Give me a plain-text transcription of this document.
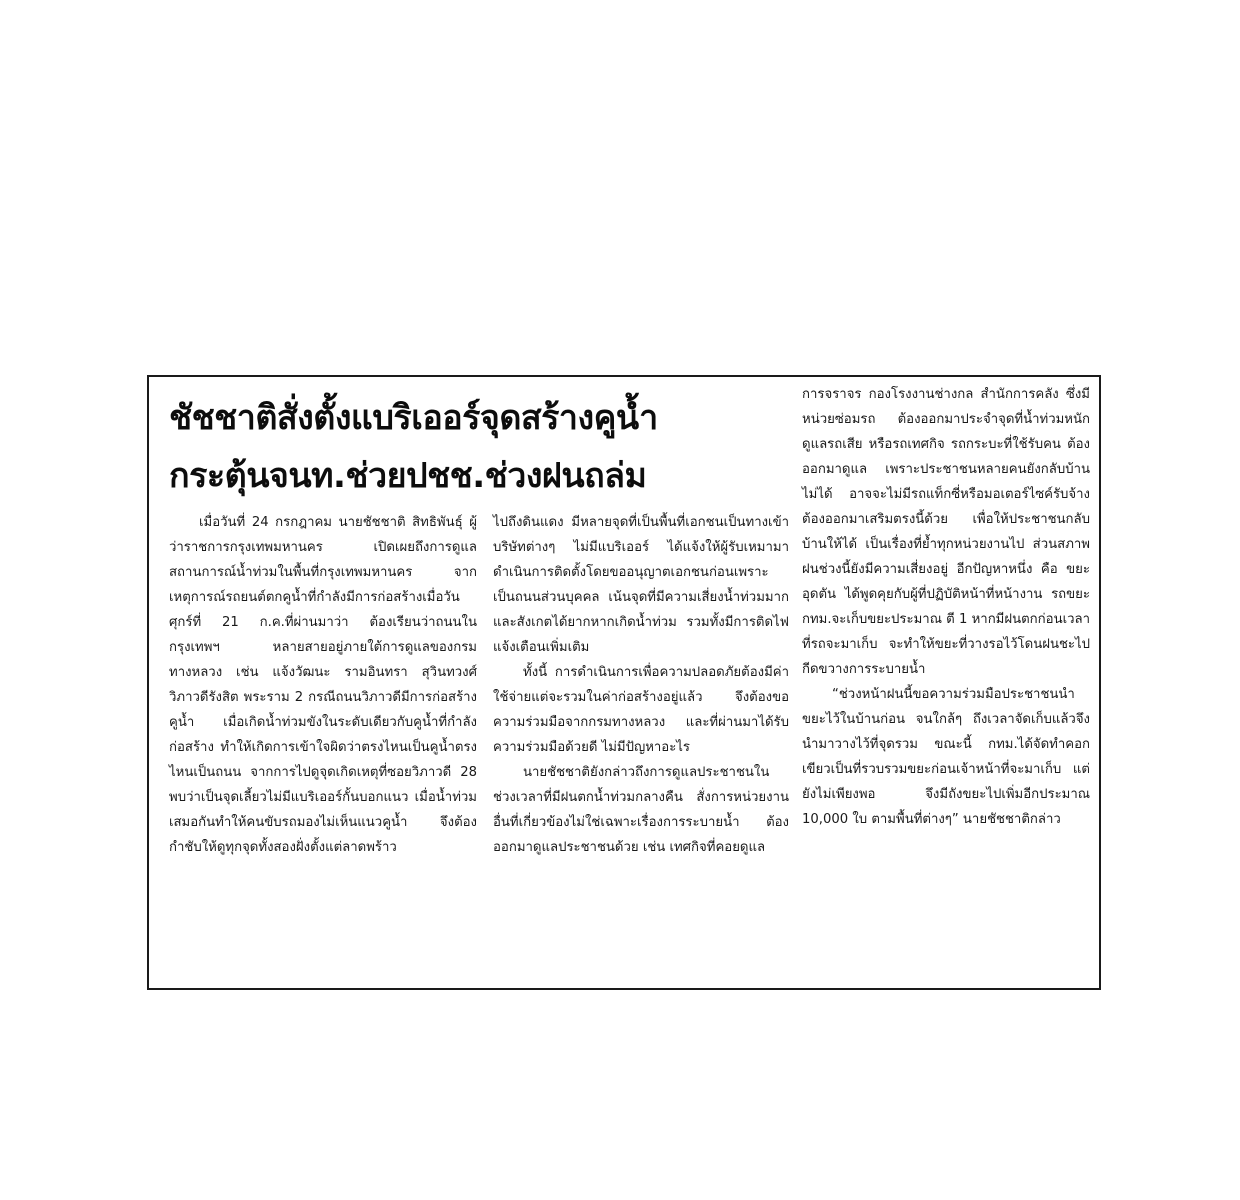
ชัชชาติสั่งตั้งแบริเออร์จุดสร้างคูน้ำ
กระตุ้นจนท.ช่วยปชช.ช่วงฝนถล่ม

เมื่อวันที่ 24 กรกฎาคม นายชัชชาติ สิทธิพันธุ์ ผู้ว่าราชการกรุงเทพมหานคร เปิดเผยถึงการดูแลสถานการณ์น้ำท่วมในพื้นที่กรุงเทพมหานคร จากเหตุการณ์รถยนต์ตกคูน้ำที่กำลังมีการก่อสร้างเมื่อวันศุกร์ที่ 21 ก.ค.ที่ผ่านมาว่า ต้องเรียนว่าถนนในกรุงเทพฯ หลายสายอยู่ภายใต้การดูแลของกรมทางหลวง เช่น แจ้งวัฒนะ รามอินทรา สุวินทวงศ์ วิภาวดีรังสิต พระราม 2 กรณีถนนวิภาวดีมีการก่อสร้างคูน้ำ เมื่อเกิดน้ำท่วมขังในระดับเดียวกับคูน้ำที่กำลังก่อสร้าง ทำให้เกิดการเข้าใจผิดว่าตรงไหนเป็นคูน้ำตรงไหนเป็นถนน จากการไปดูจุดเกิดเหตุที่ซอยวิภาวดี 28 พบว่าเป็นจุดเลี้ยวไม่มีแบริเออร์กั้นบอกแนว เมื่อน้ำท่วมเสมอกันทำให้คนขับรถมองไม่เห็นแนวคูน้ำ จึงต้องกำชับให้ดูทุกจุดทั้งสองฝั่งตั้งแต่ลาดพร้าว

ไปถึงดินแดง มีหลายจุดที่เป็นพื้นที่เอกชนเป็นทางเข้าบริษัทต่างๆ ไม่มีแบริเออร์ ได้แจ้งให้ผู้รับเหมามาดำเนินการติดตั้งโดยขออนุญาตเอกชนก่อนเพราะเป็นถนนส่วนบุคคล เน้นจุดที่มีความเสี่ยงน้ำท่วมมากและสังเกตได้ยากหากเกิดน้ำท่วม รวมทั้งมีการติดไฟแจ้งเตือนเพิ่มเติม

ทั้งนี้ การดำเนินการเพื่อความปลอดภัยต้องมีค่าใช้จ่ายแต่จะรวมในค่าก่อสร้างอยู่แล้ว จึงต้องขอความร่วมมือจากกรมทางหลวง และที่ผ่านมาได้รับความร่วมมือด้วยดี ไม่มีปัญหาอะไร

นายชัชชาติยังกล่าวถึงการดูแลประชาชนในช่วงเวลาที่มีฝนตกน้ำท่วมกลางคืน สั่งการหน่วยงานอื่นที่เกี่ยวข้องไม่ใช่เฉพาะเรื่องการระบายน้ำ ต้องออกมาดูแลประชาชนด้วย เช่น เทศกิจที่คอยดูแล

การจราจร กองโรงงานช่างกล สำนักการคลัง ซึ่งมีหน่วยซ่อมรถ ต้องออกมาประจำจุดที่น้ำท่วมหนัก ดูแลรถเสีย หรือรถเทศกิจ รถกระบะที่ใช้รับคน ต้องออกมาดูแล เพราะประชาชนหลายคนยังกลับบ้านไม่ได้ อาจจะไม่มีรถแท็กซี่หรือมอเตอร์ไซค์รับจ้าง ต้องออกมาเสริมตรงนี้ด้วย เพื่อให้ประชาชนกลับบ้านให้ได้ เป็นเรื่องที่ย้ำทุกหน่วยงานไป ส่วนสภาพฝนช่วงนี้ยังมีความเสี่ยงอยู่ อีกปัญหาหนึ่ง คือ ขยะอุดตัน ได้พูดคุยกับผู้ที่ปฏิบัติหน้าที่หน้างาน รถขยะ กทม.จะเก็บขยะประมาณ ตี 1 หากมีฝนตกก่อนเวลาที่รถจะมาเก็บ จะทำให้ขยะที่วางรอไว้โดนฝนชะไปกีดขวางการระบายน้ำ

“ช่วงหน้าฝนนี้ขอความร่วมมือประชาชนนำขยะไว้ในบ้านก่อน จนใกล้ๆ ถึงเวลาจัดเก็บแล้วจึงนำมาวางไว้ที่จุดรวม ขณะนี้ กทม.ได้จัดทำคอกเขียวเป็นที่รวบรวมขยะก่อนเจ้าหน้าที่จะมาเก็บ แต่ยังไม่เพียงพอ จึงมีถังขยะไปเพิ่มอีกประมาณ 10,000 ใบ ตามพื้นที่ต่างๆ” นายชัชชาติกล่าว
